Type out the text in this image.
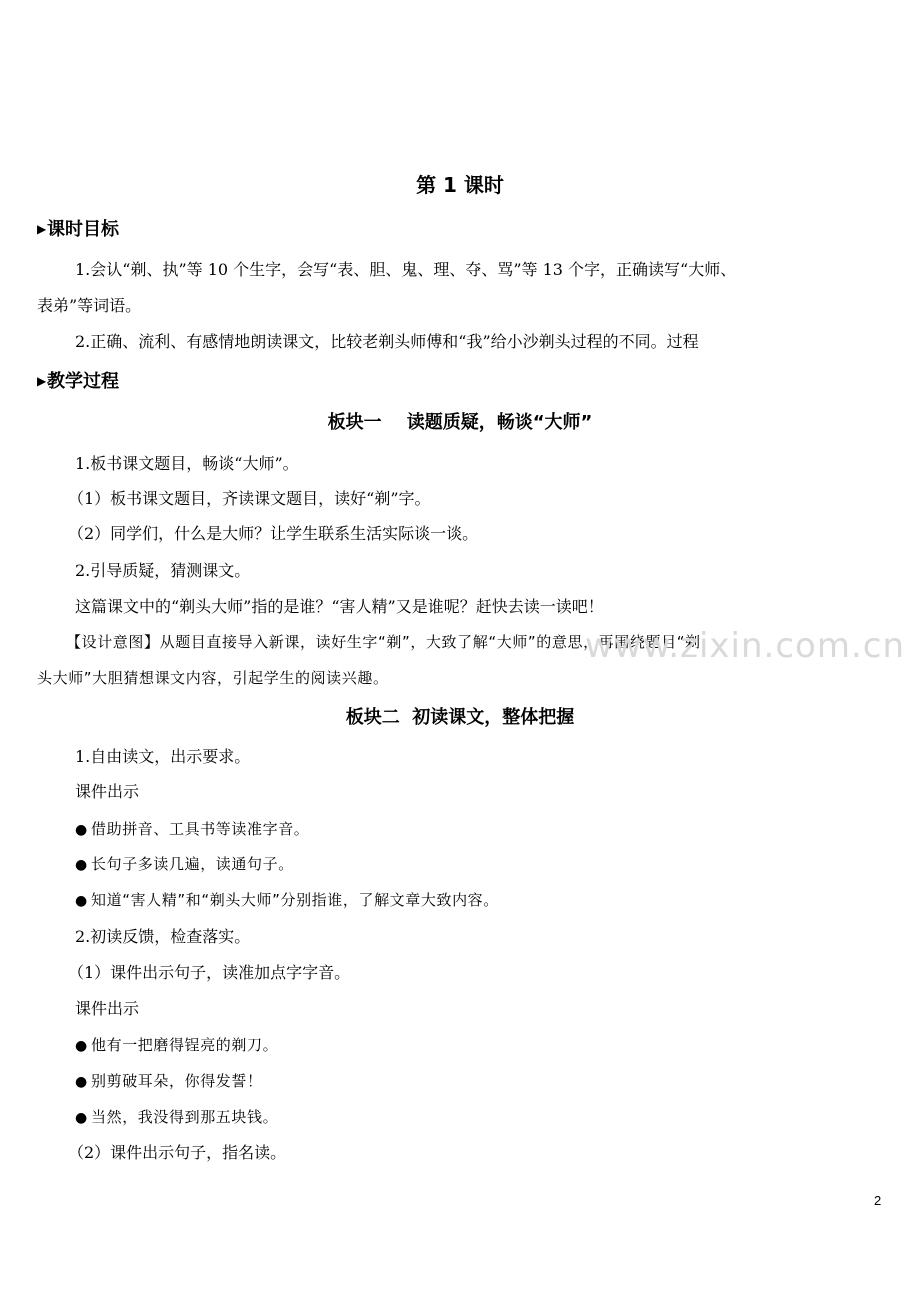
第 1 课时
▶课时目标
1.会认“剃、执”等 10 个生字，会写“表、胆、鬼、理、夺、骂”等 13 个字，正确读写“大师、
表弟”等词语。
2.正确、流利、有感情地朗读课文，比较老剃头师傅和“我”给小沙剃头过程的不同。过程
▶教学过程
板块一    读题质疑，畅谈“大师”
1.板书课文题目，畅谈“大师”。
（1）板书课文题目，齐读课文题目，读好“剃”字。
（2）同学们，什么是大师？让学生联系生活实际谈一谈。
2.引导质疑，猜测课文。
这篇课文中的“剃头大师”指的是谁？“害人精”又是谁呢？赶快去读一读吧！
【设计意图】从题目直接导入新课，读好生字“剃”，大致了解“大师”的意思，再围绕题目“剃
头大师”大胆猜想课文内容，引起学生的阅读兴趣。
www.zixin.com.cn
板块二  初读课文，整体把握
1.自由读文，出示要求。
课件出示
● 借助拼音、工具书等读准字音。
● 长句子多读几遍，读通句子。
● 知道“害人精”和“剃头大师”分别指谁，了解文章大致内容。
2.初读反馈，检查落实。
（1）课件出示句子，读准加点字字音。
课件出示
● 他有一把磨得锃亮的剃刀。
● 别剪破耳朵，你得发誓！
● 当然，我没得到那五块钱。
（2）课件出示句子，指名读。
2
